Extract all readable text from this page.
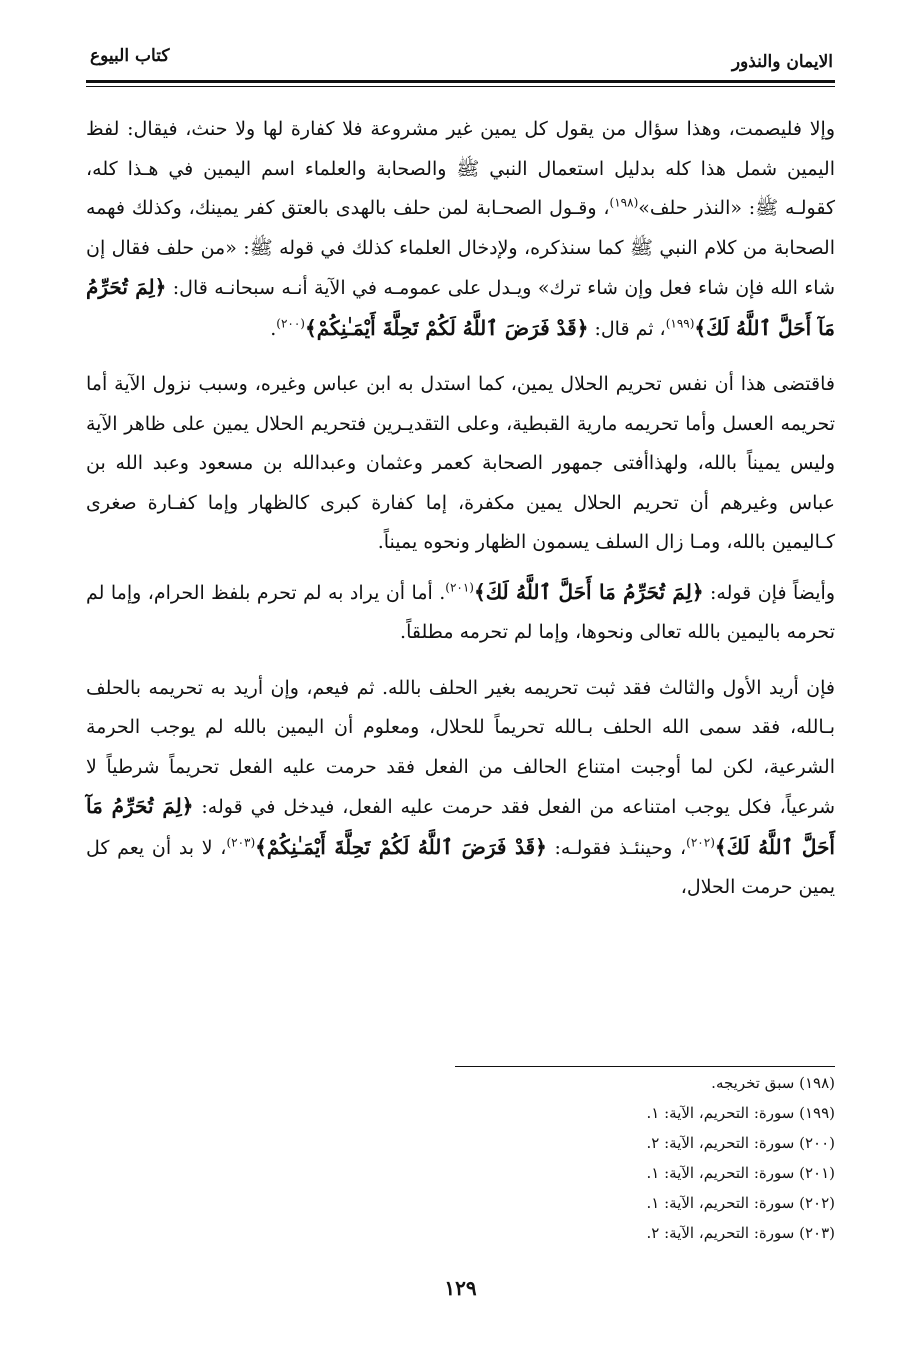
الايمان والنذور
كتاب البيوع

وإلا فليصمت، وهذا سؤال من يقول كل يمين غير مشروعة فلا كفارة لها ولا حنث، فيقال: لفظ اليمين شمل هذا كله بدليل استعمال النبي ﷺ والصحابة والعلماء اسم اليمين في هـذا كله، كقولـه ﷺ: «النذر حلف»$^{(١٩٨)}$، وقـول الصحـابة لمن حلف بالهدى بالعتق كفر يمينك، وكذلك فهمه الصحابة من كلام النبي ﷺ كما سنذكره، ولإدخال العلماء كذلك في قوله ﷺ: «من حلف فقال إن شاء الله فإن شاء فعل وإن شاء ترك» ويـدل على عمومـه في الآية أنـه سبحانـه قال: ﴿لِمَ تُحَرِّمُ مَآ أَحَلَّ ٱللَّهُ لَكَ﴾$^{(١٩٩)}$، ثم قال: ﴿قَدْ فَرَضَ ٱللَّهُ لَكُمْ تَحِلَّةَ أَيْمَـٰنِكُمْ﴾$^{(٢٠٠)}$.

فاقتضى هذا أن نفس تحريم الحلال يمين، كما استدل به ابن عباس وغيره، وسبب نزول الآية أما تحريمه العسل وأما تحريمه مارية القبطية، وعلى التقديـرين فتحريم الحلال يمين على ظاهر الآية وليس يميناً بالله، ولهذاأفتى جمهور الصحابة كعمر وعثمان وعبدالله بن مسعود وعبد الله بن عباس وغيرهم أن تحريم الحلال يمين مكفرة، إما كفارة كبرى كالظهار وإما كفـارة صغرى كـاليمين بالله، ومـا زال السلف يسمون الظهار ونحوه يميناً.

وأيضاً فإن قوله: ﴿لِمَ تُحَرِّمُ مَا أَحَلَّ ٱللَّهُ لَكَ﴾$^{(٢٠١)}$. أما أن يراد به لم تحرم بلفظ الحرام، وإما لم تحرمه باليمين بالله تعالى ونحوها، وإما لم تحرمه مطلقاً.

فإن أريد الأول والثالث فقد ثبت تحريمه بغير الحلف بالله. ثم فيعم، وإن أريد به تحريمه بالحلف بـالله، فقد سمى الله الحلف بـالله تحريماً للحلال، ومعلوم أن اليمين بالله لم يوجب الحرمة الشرعية، لكن لما أوجبت امتناع الحالف من الفعل فقد حرمت عليه الفعل تحريماً شرطياً لا شرعياً، فكل يوجب امتناعه من الفعل فقد حرمت عليه الفعل، فيدخل في قوله: ﴿لِمَ تُحَرِّمُ مَآ أَحَلَّ ٱللَّهُ لَكَ﴾$^{(٢٠٢)}$، وحينئـذ فقولـه: ﴿قَدْ فَرَضَ ٱللَّهُ لَكُمْ تَحِلَّةَ أَيْمَـٰنِكُمْ﴾$^{(٢٠٣)}$، لا بد أن يعم كل يمين حرمت الحلال،

(١٩٨) سبق تخريجه.
(١٩٩) سورة: التحريم، الآية: ١.
(٢٠٠) سورة: التحريم، الآية: ٢.
(٢٠١) سورة: التحريم، الآية: ١.
(٢٠٢) سورة: التحريم، الآية: ١.
(٢٠٣) سورة: التحريم، الآية: ٢.
١٢٩
